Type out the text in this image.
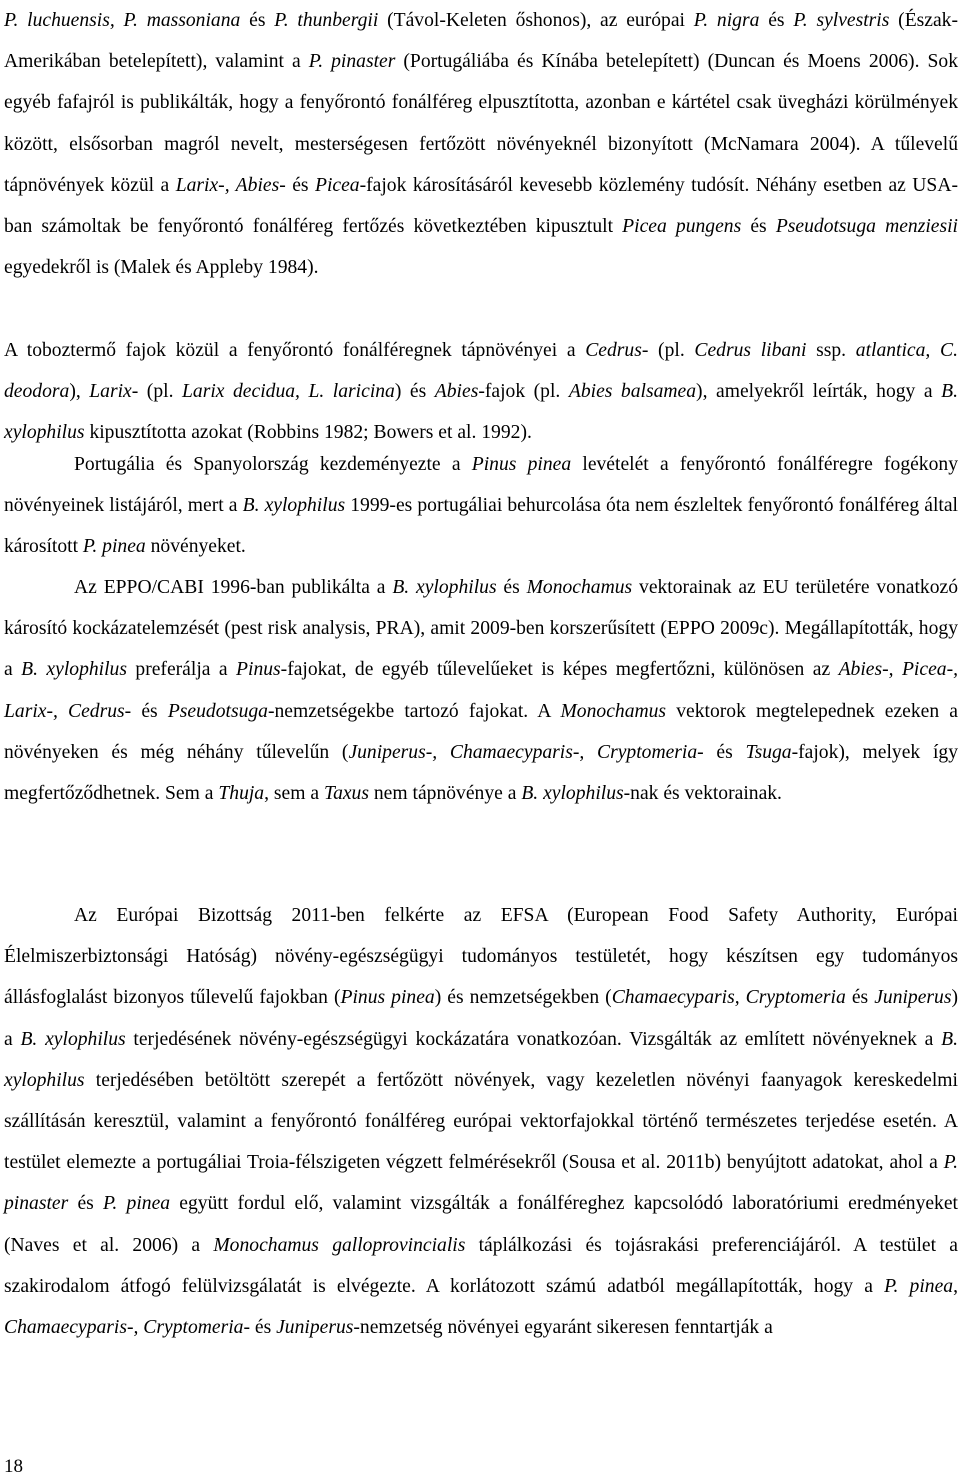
P. luchuensis, P. massoniana és P. thunbergii (Távol-Keleten őshonos), az európai P. nigra és P. sylvestris (Észak-Amerikában betelepített), valamint a P. pinaster (Portugáliába és Kínába betelepített) (Duncan és Moens 2006). Sok egyéb fafajról is publikálták, hogy a fenyőrontó fonálféreg elpusztította, azonban e kártétel csak üvegházi körülmények között, elsősorban magról nevelt, mesterségesen fertőzött növényeknél bizonyított (McNamara 2004). A tűlevelű tápnövények közül a Larix-, Abies- és Picea-fajok károsításáról kevesebb közlemény tudósít. Néhány esetben az USA-ban számoltak be fenyőrontó fonálféreg fertőzés következtében kipusztult Picea pungens és Pseudotsuga menziesii egyedekről is (Malek és Appleby 1984).

A toboztermő fajok közül a fenyőrontó fonálféregnek tápnövényei a Cedrus- (pl. Cedrus libani ssp. atlantica, C. deodora), Larix- (pl. Larix decidua, L. laricina) és Abies-fajok (pl. Abies balsamea), amelyekről leírták, hogy a B. xylophilus kipusztította azokat (Robbins 1982; Bowers et al. 1992).

Portugália és Spanyolország kezdeményezte a Pinus pinea levételét a fenyőrontó fonálféregre fogékony növényeinek listájáról, mert a B. xylophilus 1999-es portugáliai behurcolása óta nem észleltek fenyőrontó fonálféreg által károsított P. pinea növényeket.

Az EPPO/CABI 1996-ban publikálta a B. xylophilus és Monochamus vektorainak az EU területére vonatkozó károsító kockázatelemzését (pest risk analysis, PRA), amit 2009-ben korszerűsített (EPPO 2009c). Megállapították, hogy a B. xylophilus preferálja a Pinus-fajokat, de egyéb tűlevelűeket is képes megfertőzni, különösen az Abies-, Picea-, Larix-, Cedrus- és Pseudotsuga-nemzetségekbe tartozó fajokat. A Monochamus vektorok megtelepednek ezeken a növényeken és még néhány tűlevelűn (Juniperus-, Chamaecyparis-, Cryptomeria- és Tsuga-fajok), melyek így megfertőződhetnek. Sem a Thuja, sem a Taxus nem tápnövénye a B. xylophilus-nak és vektorainak.

Az Európai Bizottság 2011-ben felkérte az EFSA (European Food Safety Authority, Európai Élelmiszerbiztonsági Hatóság) növény-egészségügyi tudományos testületét, hogy készítsen egy tudományos állásfoglalást bizonyos tűlevelű fajokban (Pinus pinea) és nemzetségekben (Chamaecyparis, Cryptomeria és Juniperus) a B. xylophilus terjedésének növény-egészségügyi kockázatára vonatkozóan. Vizsgálták az említett növényeknek a B. xylophilus terjedésében betöltött szerepét a fertőzött növények, vagy kezeletlen növényi faanyagok kereskedelmi szállításán keresztül, valamint a fenyőrontó fonálféreg európai vektorfajokkal történő természetes terjedése esetén. A testület elemezte a portugáliai Troia-félszigeten végzett felmérésekről (Sousa et al. 2011b) benyújtott adatokat, ahol a P. pinaster és P. pinea együtt fordul elő, valamint vizsgálták a fonálféreghez kapcsolódó laboratóriumi eredményeket (Naves et al. 2006) a Monochamus galloprovincialis táplálkozási és tojásrakási preferenciájáról. A testület a szakirodalom átfogó felülvizsgálatát is elvégezte. A korlátozott számú adatból megállapították, hogy a P. pinea, Chamaecyparis-, Cryptomeria- és Juniperus-nemzetség növényei egyaránt sikeresen fenntartják a

18
